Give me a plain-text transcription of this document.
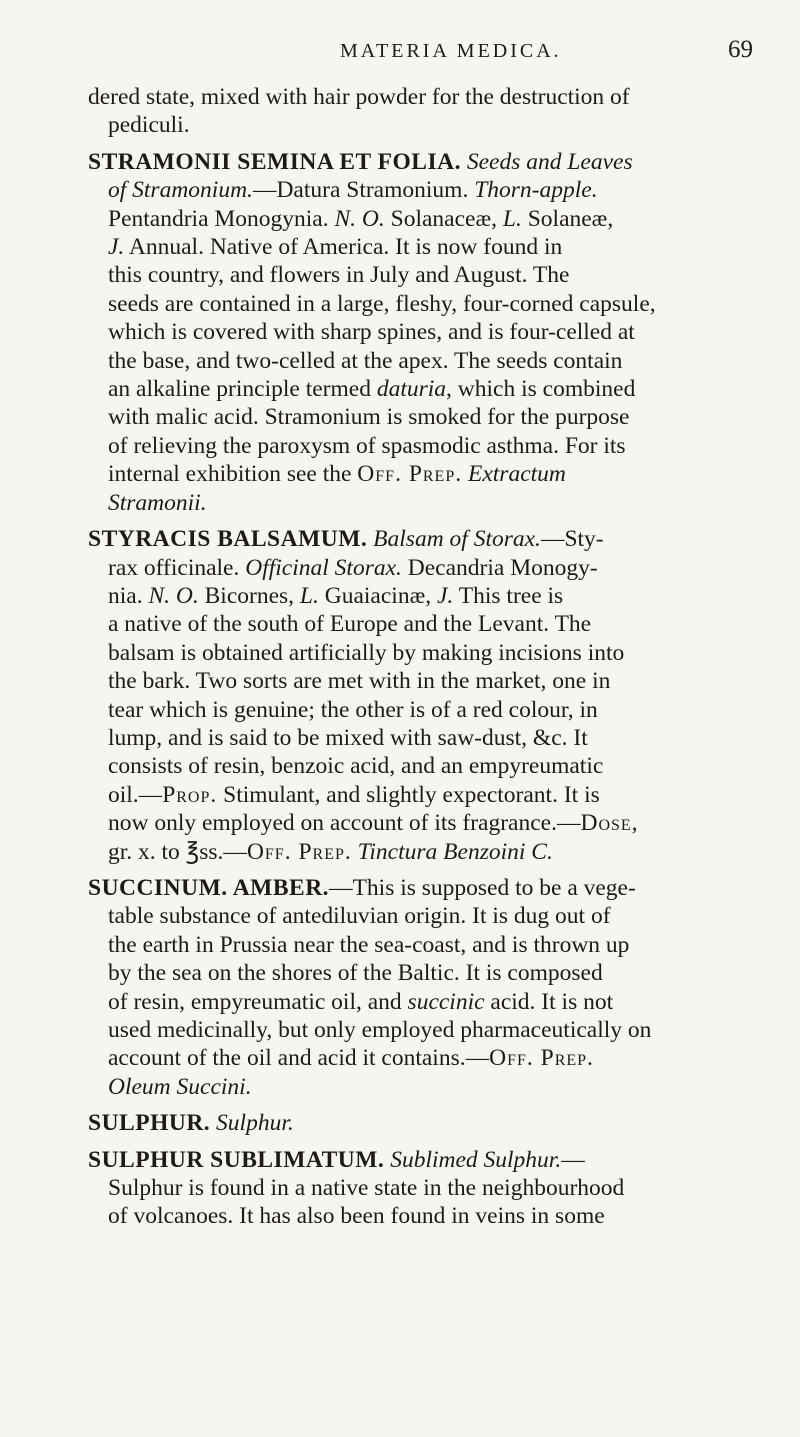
MATERIA MEDICA.	69
dered state, mixed with hair powder for the destruction of
pediculi.
STRAMONII SEMINA ET FOLIA. Seeds and Leaves
of Stramonium.—Datura Stramonium. Thorn-apple.
Pentandria Monogynia. N. O. Solanaceæ, L. Solaneæ,
J. Annual. Native of America. It is now found in
this country, and flowers in July and August. The
seeds are contained in a large, fleshy, four-corned capsule,
which is covered with sharp spines, and is four-celled at
the base, and two-celled at the apex. The seeds contain
an alkaline principle termed daturia, which is combined
with malic acid. Stramonium is smoked for the purpose
of relieving the paroxysm of spasmodic asthma. For its
internal exhibition see the Off. Prep. Extractum
Stramonii.
STYRACIS BALSAMUM. Balsam of Storax.—Sty-
rax officinale. Officinal Storax. Decandria Monogy-
nia. N. O. Bicornes, L. Guaiacinæ, J. This tree is
a native of the south of Europe and the Levant. The
balsam is obtained artificially by making incisions into
the bark. Two sorts are met with in the market, one in
tear which is genuine; the other is of a red colour, in
lump, and is said to be mixed with saw-dust, &c. It
consists of resin, benzoic acid, and an empyreumatic
oil.—Prop. Stimulant, and slightly expectorant. It is
now only employed on account of its fragrance.—Dose,
gr. x. to ℥ss.—Off. Prep. Tinctura Benzoini C.
SUCCINUM. AMBER.—This is supposed to be a vege-
table substance of antediluvian origin. It is dug out of
the earth in Prussia near the sea-coast, and is thrown up
by the sea on the shores of the Baltic. It is composed
of resin, empyreumatic oil, and succinic acid. It is not
used medicinally, but only employed pharmaceutically on
account of the oil and acid it contains.—Off. Prep.
Oleum Succini.
SULPHUR. Sulphur.
SULPHUR SUBLIMATUM. Sublimed Sulphur.—
Sulphur is found in a native state in the neighbourhood
of volcanoes. It has also been found in veins in some
